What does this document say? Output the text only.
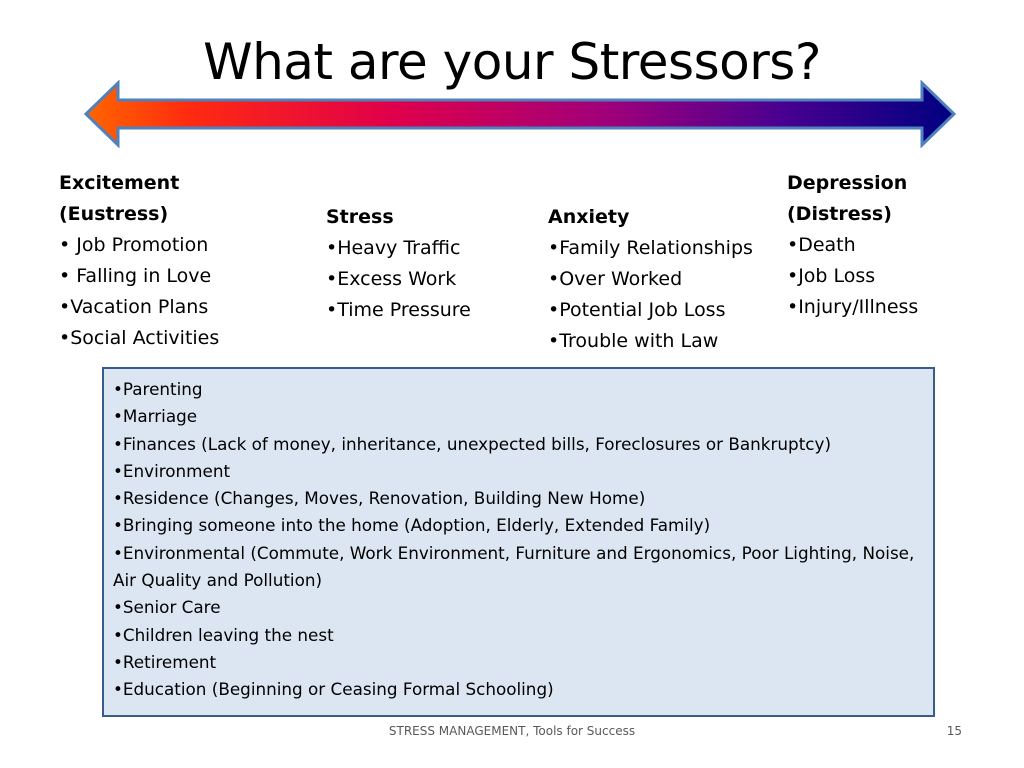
What are your Stressors?
Excitement
(Eustress)
• Job Promotion
• Falling in Love
•Vacation Plans
•Social Activities
Stress
•Heavy Traffic
•Excess Work
•Time Pressure
Anxiety
•Family Relationships
•Over Worked
•Potential Job Loss
•Trouble with Law
Depression
(Distress)
•Death
•Job Loss
•Injury/Illness
•Parenting
•Marriage
•Finances (Lack of money, inheritance, unexpected bills, Foreclosures or Bankruptcy)
•Environment
•Residence (Changes, Moves, Renovation, Building New Home)
•Bringing someone into the home (Adoption, Elderly, Extended Family)
•Environmental (Commute, Work Environment, Furniture and Ergonomics, Poor Lighting, Noise, Air Quality and Pollution)
•Senior Care
•Children leaving the nest
•Retirement
•Education (Beginning or Ceasing Formal Schooling)
STRESS MANAGEMENT, Tools for Success	15
